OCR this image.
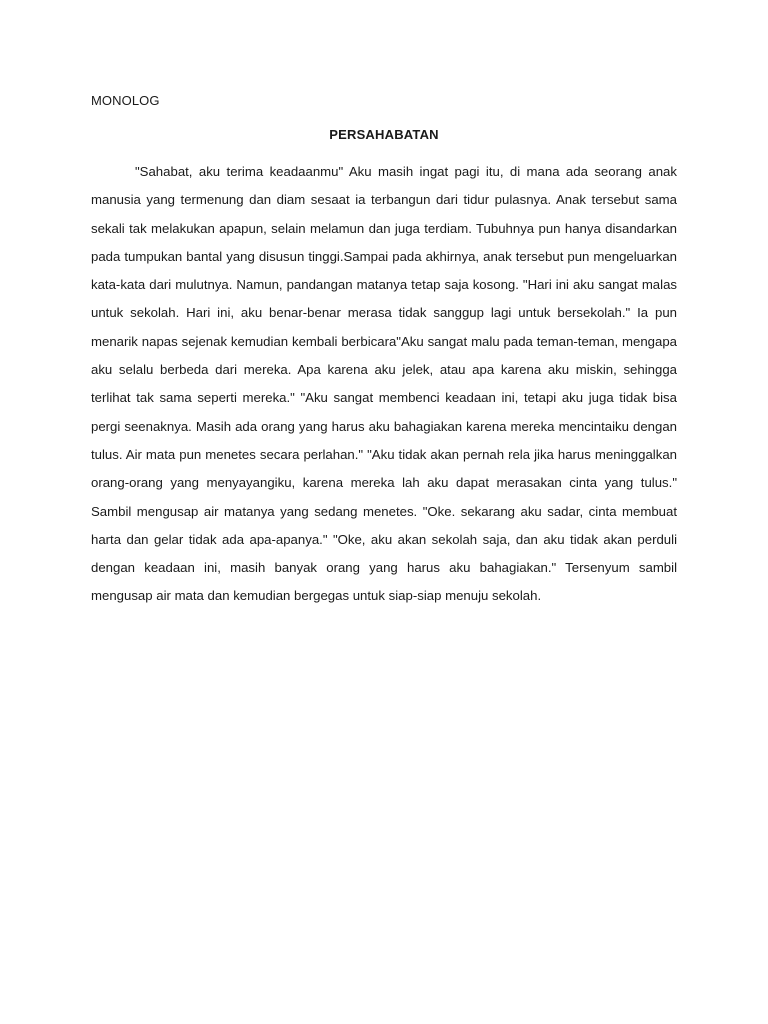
MONOLOG
PERSAHABATAN

"Sahabat, aku terima keadaanmu" Aku masih ingat pagi itu, di mana ada seorang anak manusia yang termenung dan diam sesaat ia terbangun dari tidur pulasnya. Anak tersebut sama sekali tak melakukan apapun, selain melamun dan juga terdiam. Tubuhnya pun hanya disandarkan pada tumpukan bantal yang disusun tinggi.Sampai pada akhirnya, anak tersebut pun mengeluarkan kata-kata dari mulutnya. Namun, pandangan matanya tetap saja kosong. "Hari ini aku sangat malas untuk sekolah. Hari ini, aku benar-benar merasa tidak sanggup lagi untuk bersekolah." Ia pun menarik napas sejenak kemudian kembali berbicara"Aku sangat malu pada teman-teman, mengapa aku selalu berbeda dari mereka. Apa karena aku jelek, atau apa karena aku miskin, sehingga terlihat tak sama seperti mereka." "Aku sangat membenci keadaan ini, tetapi aku juga tidak bisa pergi seenaknya. Masih ada orang yang harus aku bahagiakan karena mereka mencintaiku dengan tulus. Air mata pun menetes secara perlahan." "Aku tidak akan pernah rela jika harus meninggalkan orang-orang yang menyayangiku, karena mereka lah aku dapat merasakan cinta yang tulus." Sambil mengusap air matanya yang sedang menetes. "Oke. sekarang aku sadar, cinta membuat harta dan gelar tidak ada apa-apanya." "Oke, aku akan sekolah saja, dan aku tidak akan perduli dengan keadaan ini, masih banyak orang yang harus aku bahagiakan." Tersenyum sambil mengusap air mata dan kemudian bergegas untuk siap-siap menuju sekolah.
